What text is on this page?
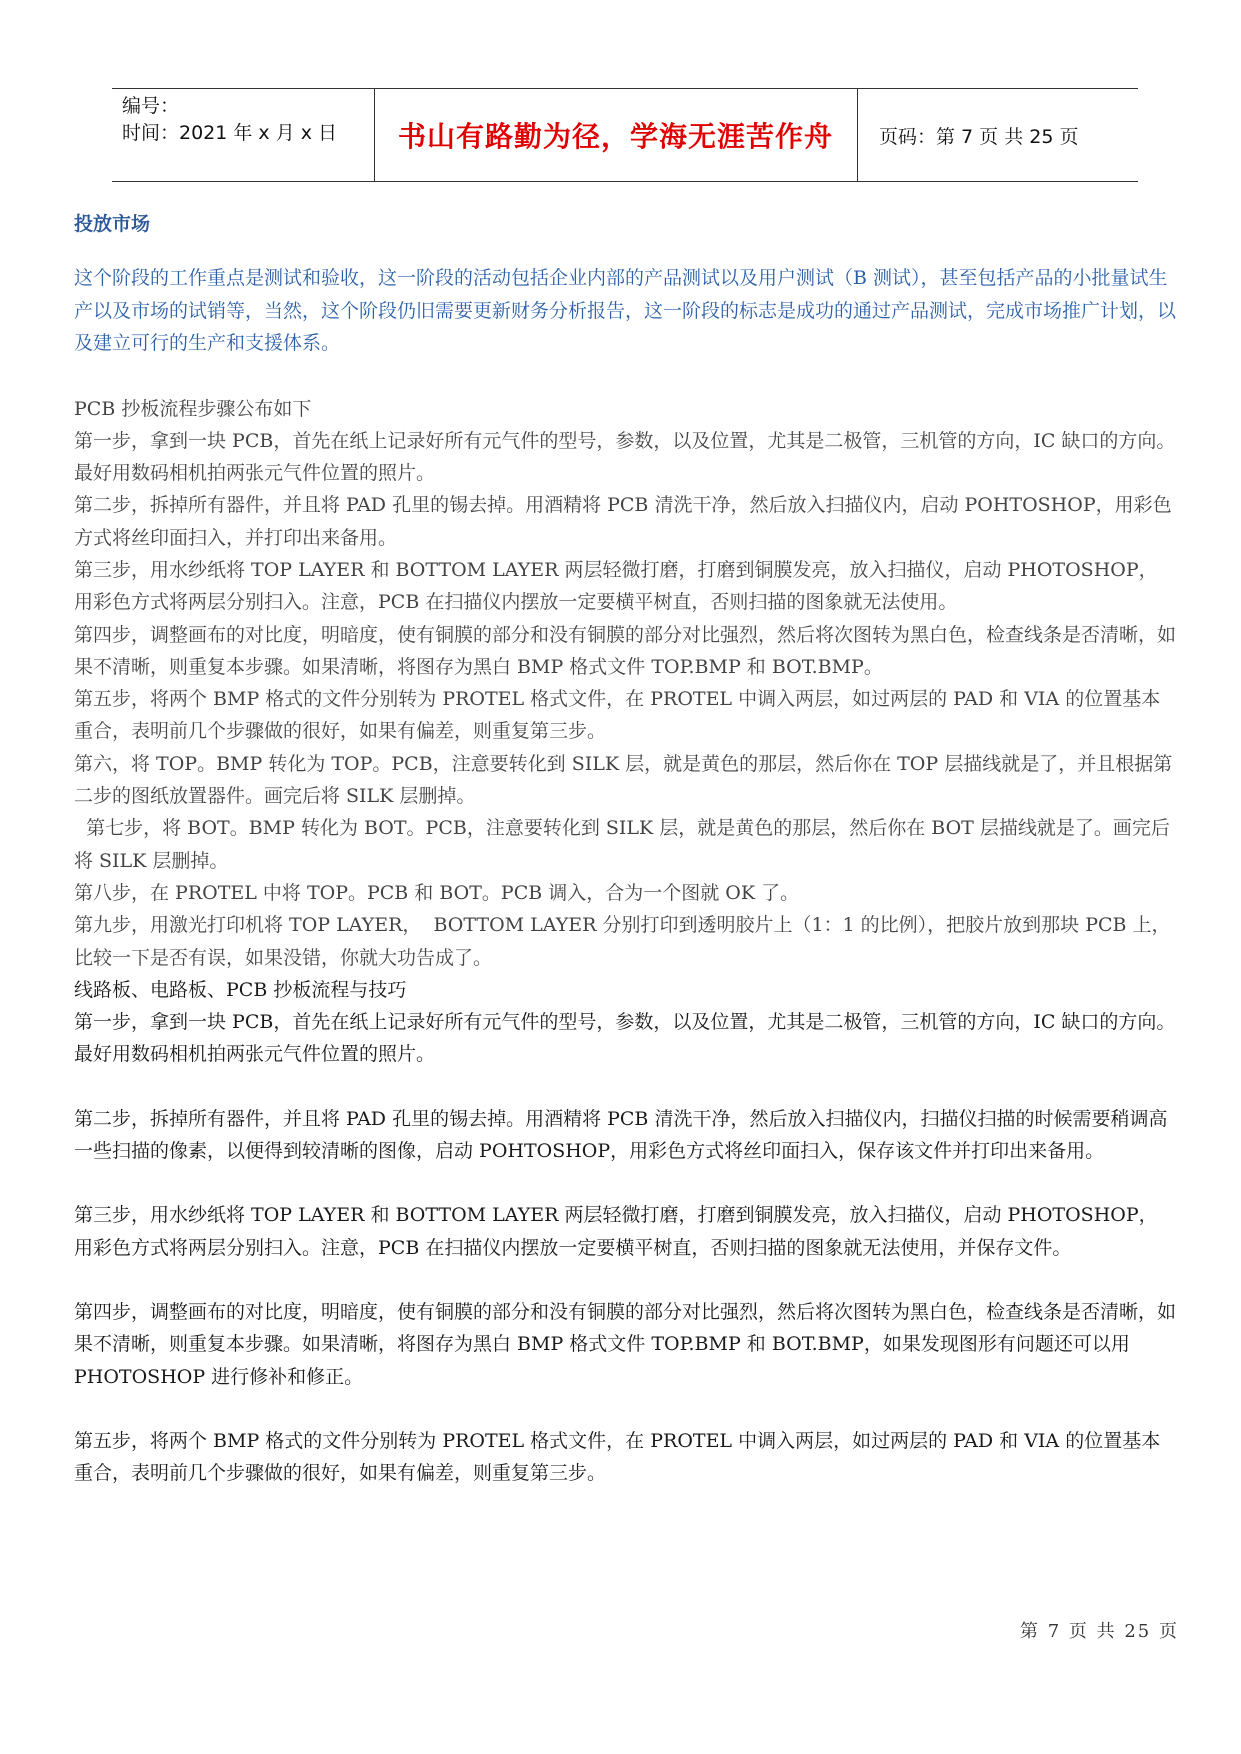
编号：
时间：2021 年 x 月 x 日	书山有路勤为径，学海无涯苦作舟	页码：第 7 页 共 25 页
投放市场

这个阶段的工作重点是测试和验收，这一阶段的活动包括企业内部的产品测试以及用户测试（B 测试），甚至包括产品的小批量试生产以及市场的试销等，当然，这个阶段仍旧需要更新财务分析报告，这一阶段的标志是成功的通过产品测试，完成市场推广计划，以及建立可行的生产和支援体系。

PCB 抄板流程步骤公布如下

第一步，拿到一块 PCB，首先在纸上记录好所有元气件的型号，参数，以及位置，尤其是二极管，三机管的方向，IC 缺口的方向。最好用数码相机拍两张元气件位置的照片。

第二步，拆掉所有器件，并且将 PAD 孔里的锡去掉。用酒精将 PCB 清洗干净，然后放入扫描仪内，启动 POHTOSHOP，用彩色方式将丝印面扫入，并打印出来备用。

第三步，用水纱纸将 TOP LAYER 和 BOTTOM LAYER 两层轻微打磨，打磨到铜膜发亮，放入扫描仪，启动 PHOTOSHOP，用彩色方式将两层分别扫入。注意，PCB 在扫描仪内摆放一定要横平树直，否则扫描的图象就无法使用。

第四步，调整画布的对比度，明暗度，使有铜膜的部分和没有铜膜的部分对比强烈，然后将次图转为黑白色，检查线条是否清晰，如果不清晰，则重复本步骤。如果清晰，将图存为黑白 BMP 格式文件 TOP.BMP 和 BOT.BMP。

第五步，将两个 BMP 格式的文件分别转为 PROTEL 格式文件，在 PROTEL 中调入两层，如过两层的 PAD 和 VIA 的位置基本重合，表明前几个步骤做的很好，如果有偏差，则重复第三步。

第六，将 TOP。BMP 转化为 TOP。PCB，注意要转化到 SILK 层，就是黄色的那层，然后你在 TOP 层描线就是了，并且根据第二步的图纸放置器件。画完后将 SILK 层删掉。

第七步，将 BOT。BMP 转化为 BOT。PCB，注意要转化到 SILK 层，就是黄色的那层，然后你在 BOT 层描线就是了。画完后将 SILK 层删掉。

第八步，在 PROTEL 中将 TOP。PCB 和 BOT。PCB 调入，合为一个图就 OK 了。

第九步，用激光打印机将 TOP LAYER，  BOTTOM LAYER 分别打印到透明胶片上（1：1 的比例），把胶片放到那块 PCB 上，比较一下是否有误，如果没错，你就大功告成了。

线路板、电路板、PCB 抄板流程与技巧

第一步，拿到一块 PCB，首先在纸上记录好所有元气件的型号，参数，以及位置，尤其是二极管，三机管的方向，IC 缺口的方向。最好用数码相机拍两张元气件位置的照片。

第二步，拆掉所有器件，并且将 PAD 孔里的锡去掉。用酒精将 PCB 清洗干净，然后放入扫描仪内，扫描仪扫描的时候需要稍调高一些扫描的像素，以便得到较清晰的图像，启动 POHTOSHOP，用彩色方式将丝印面扫入，保存该文件并打印出来备用。

第三步，用水纱纸将 TOP LAYER 和 BOTTOM LAYER 两层轻微打磨，打磨到铜膜发亮，放入扫描仪，启动 PHOTOSHOP，用彩色方式将两层分别扫入。注意，PCB 在扫描仪内摆放一定要横平树直，否则扫描的图象就无法使用，并保存文件。

第四步，调整画布的对比度，明暗度，使有铜膜的部分和没有铜膜的部分对比强烈，然后将次图转为黑白色，检查线条是否清晰，如果不清晰，则重复本步骤。如果清晰，将图存为黑白 BMP 格式文件 TOP.BMP 和 BOT.BMP，如果发现图形有问题还可以用 PHOTOSHOP 进行修补和修正。

第五步，将两个 BMP 格式的文件分别转为 PROTEL 格式文件，在 PROTEL 中调入两层，如过两层的 PAD 和 VIA 的位置基本重合，表明前几个步骤做的很好，如果有偏差，则重复第三步。

第 7 页 共 25 页
